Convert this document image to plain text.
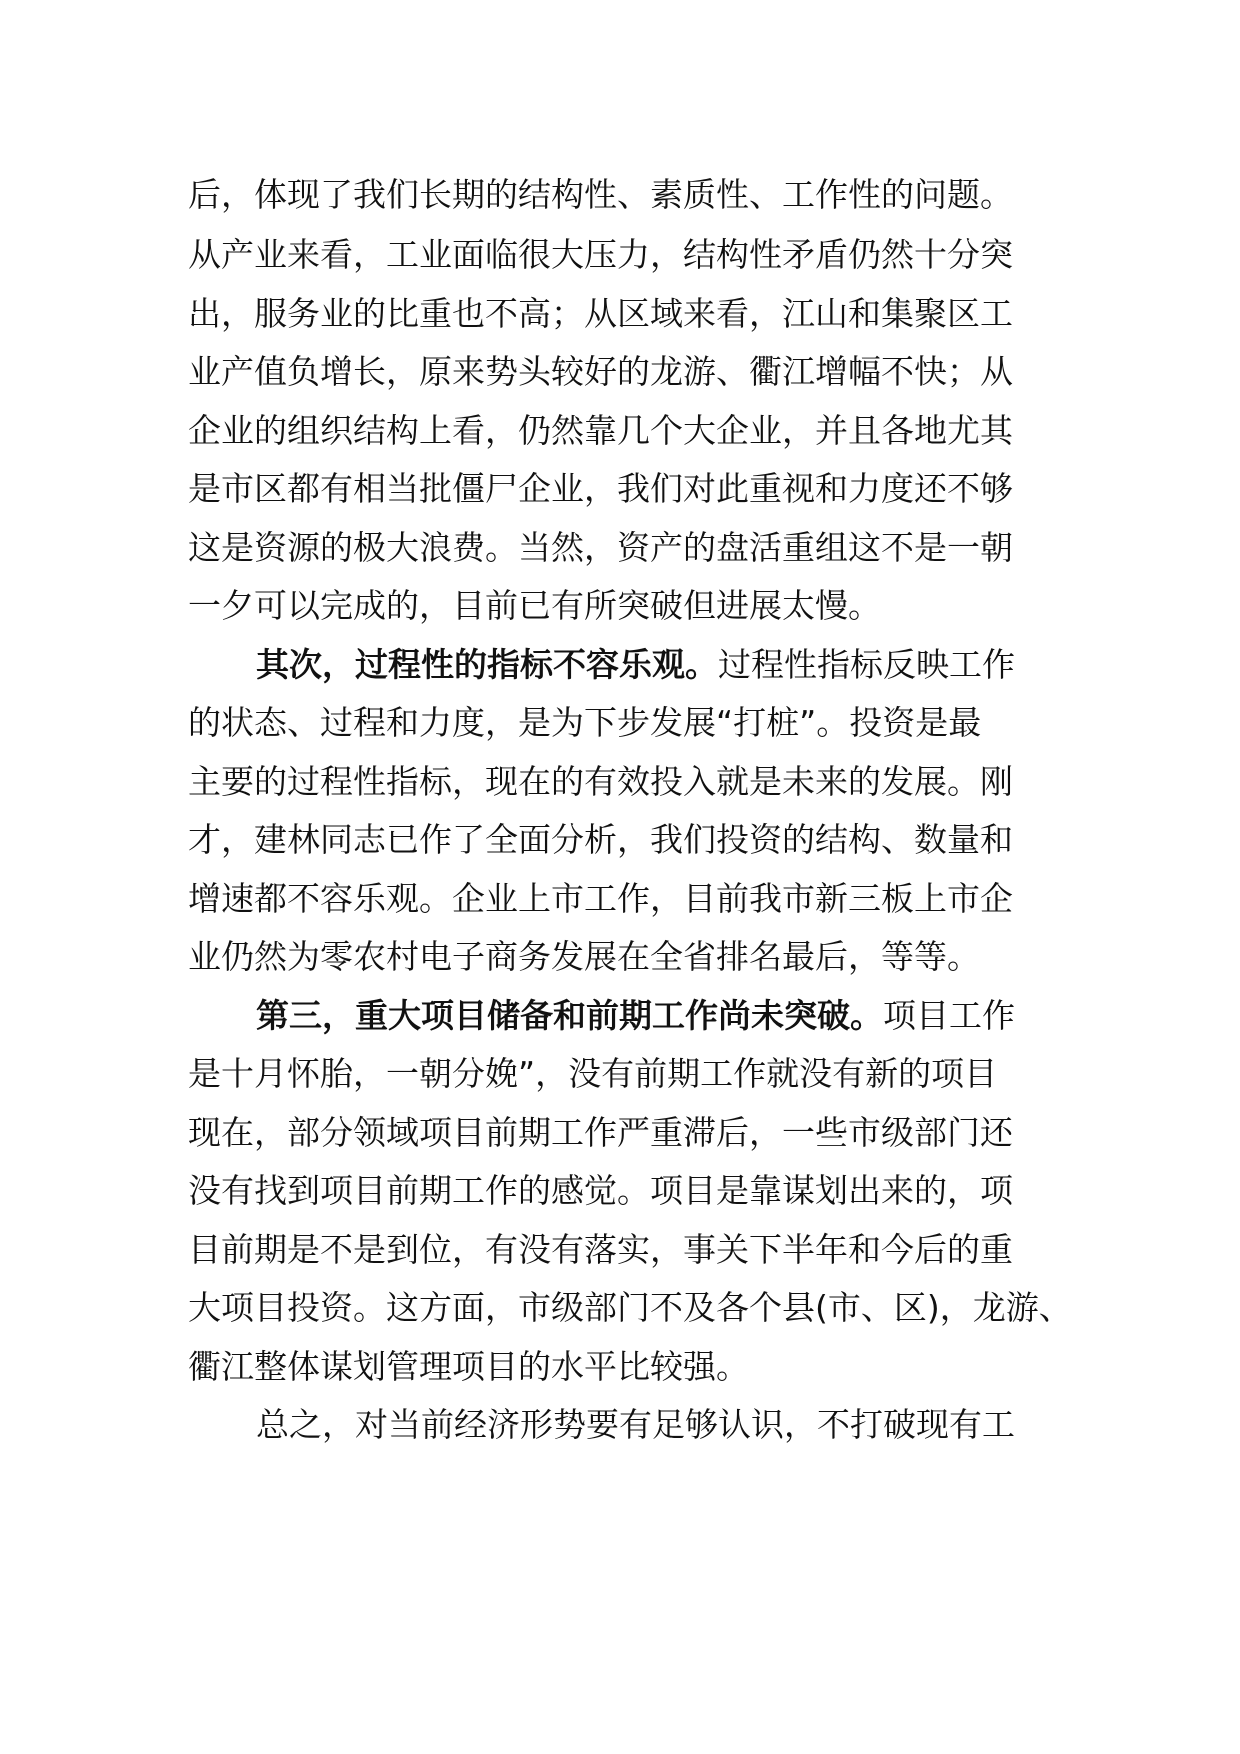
后，体现了我们长期的结构性、素质性、工作性的问题。
从产业来看，工业面临很大压力，结构性矛盾仍然十分突
出，服务业的比重也不高；从区域来看，江山和集聚区工
业产值负增长，原来势头较好的龙游、衢江增幅不快；从
企业的组织结构上看，仍然靠几个大企业，并且各地尤其
是市区都有相当批僵尸企业，我们对此重视和力度还不够
这是资源的极大浪费。当然，资产的盘活重组这不是一朝
一夕可以完成的，目前已有所突破但进展太慢。
其次，过程性的指标不容乐观。过程性指标反映工作
的状态、过程和力度，是为下步发展“打桩”。投资是最
主要的过程性指标，现在的有效投入就是未来的发展。刚
才，建林同志已作了全面分析，我们投资的结构、数量和
增速都不容乐观。企业上市工作，目前我市新三板上市企
业仍然为零农村电子商务发展在全省排名最后，等等。
第三，重大项目储备和前期工作尚未突破。项目工作
是十月怀胎，一朝分娩”，没有前期工作就没有新的项目
现在，部分领域项目前期工作严重滞后，一些市级部门还
没有找到项目前期工作的感觉。项目是靠谋划出来的，项
目前期是不是到位，有没有落实，事关下半年和今后的重
大项目投资。这方面，市级部门不及各个县(市、区)，龙游、
衢江整体谋划管理项目的水平比较强。
总之，对当前经济形势要有足够认识，不打破现有工
